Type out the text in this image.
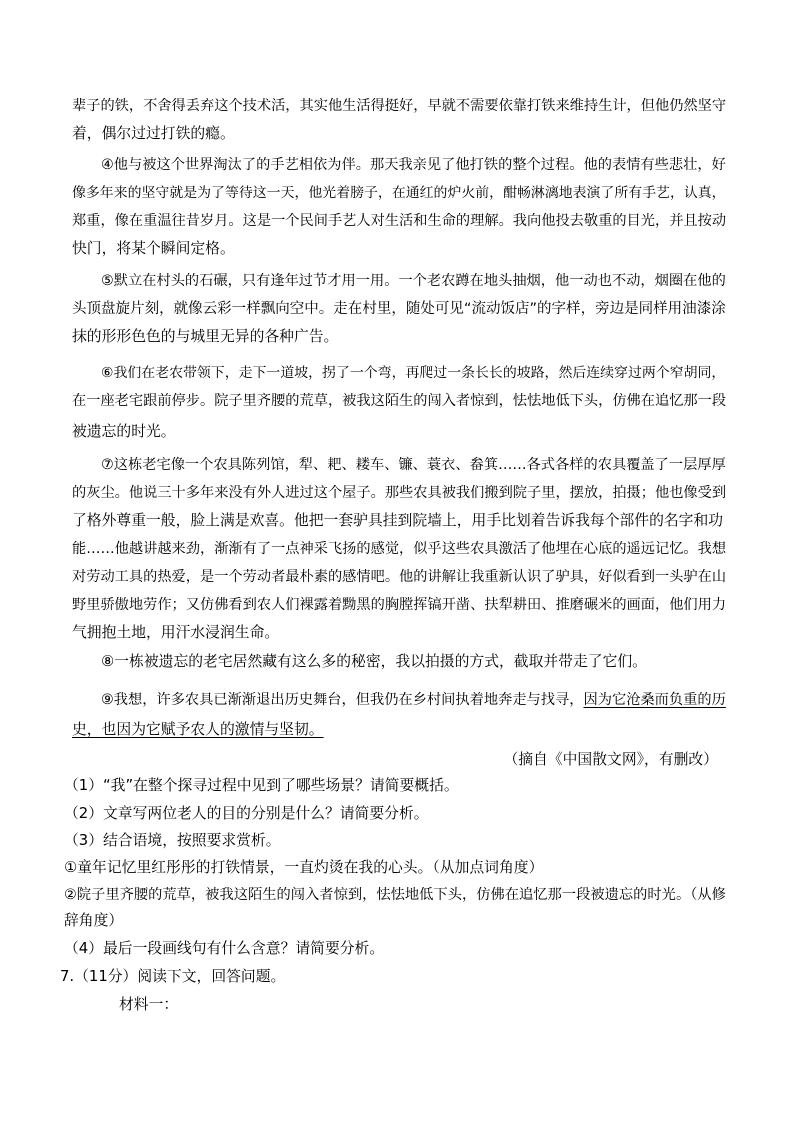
辈子的铁，不舍得丢弃这个技术活，其实他生活得挺好，早就不需要依靠打铁来维持生计，但他仍然坚守
着，偶尔过过打铁的瘾。
④他与被这个世界淘汰了的手艺相依为伴。那天我亲见了他打铁的整个过程。他的表情有些悲壮，好
像多年来的坚守就是为了等待这一天，他光着膀子，在通红的炉火前，酣畅淋漓地表演了所有手艺，认真，
郑重，像在重温往昔岁月。这是一个民间手艺人对生活和生命的理解。我向他投去敬重的目光，并且按动
快门，将某个瞬间定格。
⑤默立在村头的石碾，只有逢年过节才用一用。一个老农蹲在地头抽烟，他一动也不动，烟圈在他的
头顶盘旋片刻，就像云彩一样飘向空中。走在村里，随处可见“流动饭店”的字样，旁边是同样用油漆涂
抹的形形色色的与城里无异的各种广告。
⑥我们在老农带领下，走下一道坡，拐了一个弯，再爬过一条长长的坡路，然后连续穿过两个窄胡同，
在一座老宅跟前停步。院子里齐腰的荒草，被我这陌生的闯入者惊到，怯怯地低下头，仿佛在追忆那一段
被遗忘的时光。
⑦这栋老宅像一个农具陈列馆，犁、耙、耧车、镰、蓑衣、畚箕……各式各样的农具覆盖了一层厚厚
的灰尘。他说三十多年来没有外人进过这个屋子。那些农具被我们搬到院子里，摆放，拍摄；他也像受到
了格外尊重一般，脸上满是欢喜。他把一套驴具挂到院墙上，用手比划着告诉我每个部件的名字和功
能……他越讲越来劲，渐渐有了一点神采飞扬的感觉，似乎这些农具激活了他埋在心底的遥远记忆。我想
对劳动工具的热爱，是一个劳动者最朴素的感情吧。他的讲解让我重新认识了驴具，好似看到一头驴在山
野里骄傲地劳作；又仿佛看到农人们裸露着黝黑的胸膛挥镐开凿、扶犁耕田、推磨碾米的画面，他们用力
气拥抱土地，用汗水浸润生命。
⑧一栋被遗忘的老宅居然藏有这么多的秘密，我以拍摄的方式，截取并带走了它们。
⑨我想，许多农具已渐渐退出历史舞台，但我仍在乡村间执着地奔走与找寻，因为它沧桑而负重的历
史，也因为它赋予农人的激情与坚韧。
（摘自《中国散文网》，有删改）
（1）“我”在整个探寻过程中见到了哪些场景？请简要概括。
（2）文章写两位老人的目的分别是什么？请简要分析。
（3）结合语境，按照要求赏析。
①童年记忆里红彤彤的打铁情景，一直灼烫在我的心头。（从加点词角度）
②院子里齐腰的荒草，被我这陌生的闯入者惊到，怯怯地低下头，仿佛在追忆那一段被遗忘的时光。（从修
辞角度）
（4）最后一段画线句有什么含意？请简要分析。
7.（11分）阅读下文，回答问题。
材料一：
